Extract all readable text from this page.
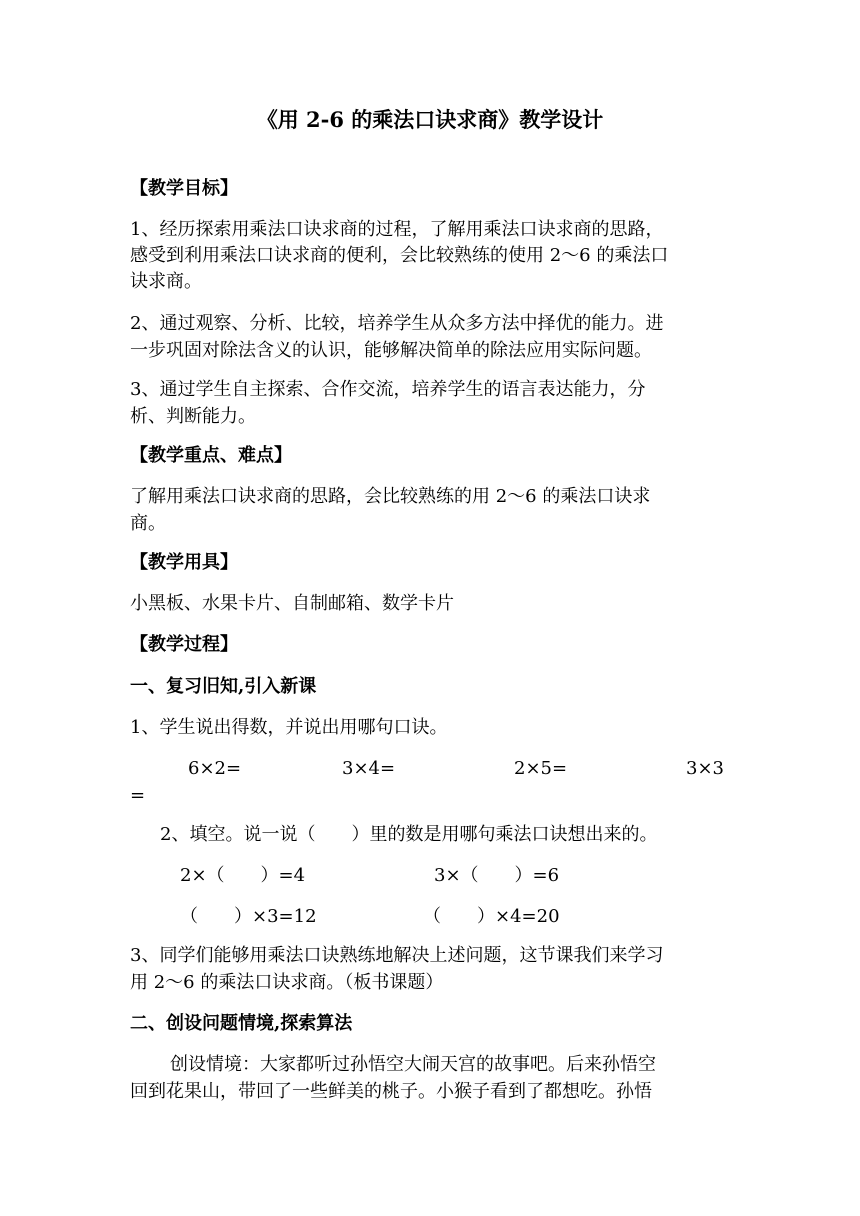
《用 2-6 的乘法口诀求商》教学设计
【教学目标】
1、经历探索用乘法口诀求商的过程，了解用乘法口诀求商的思路，
感受到利用乘法口诀求商的便利，会比较熟练的使用 2～6 的乘法口
诀求商。
2、通过观察、分析、比较，培养学生从众多方法中择优的能力。进
一步巩固对除法含义的认识，能够解决简单的除法应用实际问题。
3、通过学生自主探索、合作交流，培养学生的语言表达能力，分
析、判断能力。
【教学重点、难点】
了解用乘法口诀求商的思路，会比较熟练的用 2～6 的乘法口诀求
商。
【教学用具】
小黑板、水果卡片、自制邮箱、数学卡片
【教学过程】
一、复习旧知,引入新课
1、学生说出得数，并说出用哪句口诀。
6×2=	3×4=	2×5=	3×3
=
2、填空。说一说（　　）里的数是用哪句乘法口诀想出来的。
2×（　　）=4	3×（　　）=6
（　　）×3=12	（　　）×4=20
3、同学们能够用乘法口诀熟练地解决上述问题，这节课我们来学习
用 2～6 的乘法口诀求商。（板书课题）
二、创设问题情境,探索算法
创设情境：大家都听过孙悟空大闹天宫的故事吧。后来孙悟空
回到花果山，带回了一些鲜美的桃子。小猴子看到了都想吃。孙悟
